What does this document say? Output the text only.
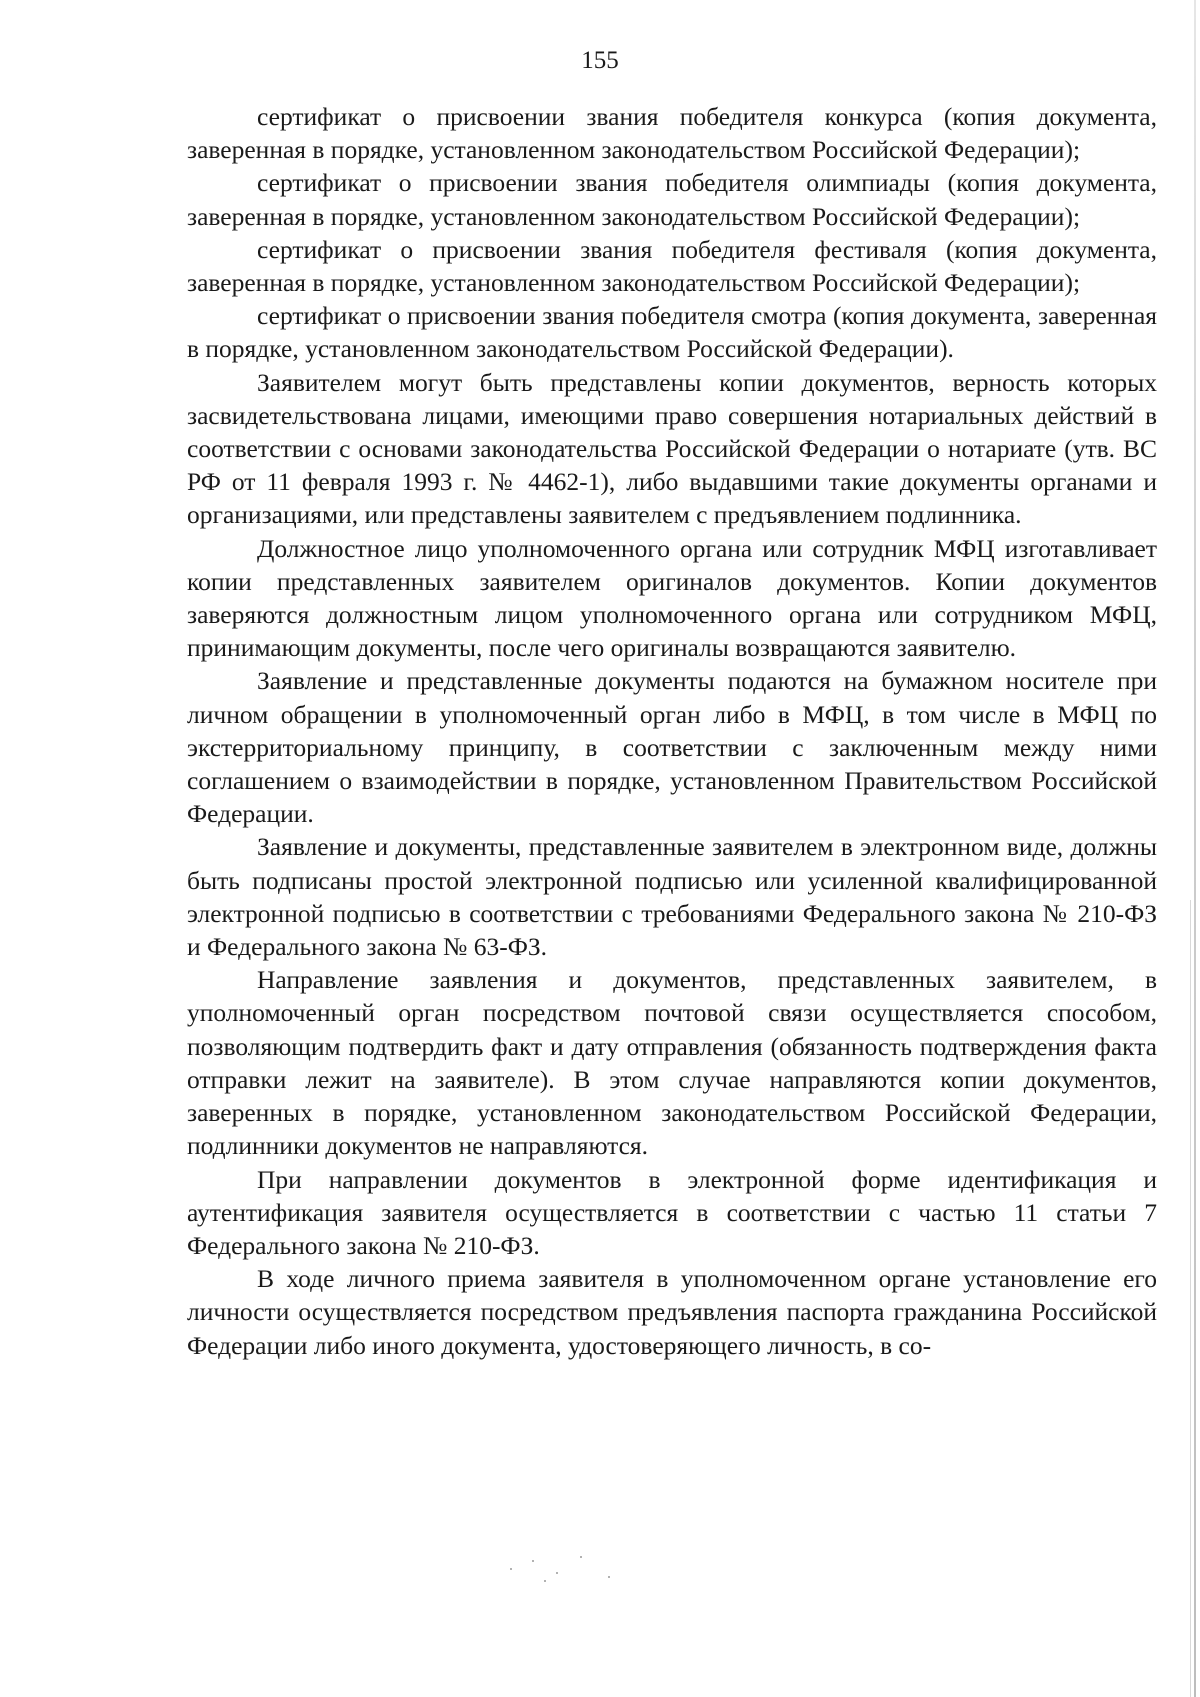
155

сертификат о присвоении звания победителя конкурса (копия документа, заверенная в порядке, установленном законодательством Российской Федерации);

сертификат о присвоении звания победителя олимпиады (копия документа, заверенная в порядке, установленном законодательством Российской Федерации);

сертификат о присвоении звания победителя фестиваля (копия документа, заверенная в порядке, установленном законодательством Российской Федерации);

сертификат о присвоении звания победителя смотра (копия документа, заверенная в порядке, установленном законодательством Российской Федерации).

Заявителем могут быть представлены копии документов, верность которых засвидетельствована лицами, имеющими право совершения нотариальных действий в соответствии с основами законодательства Российской Федерации о нотариате (утв. ВС РФ от 11 февраля 1993 г. № 4462-1), либо выдавшими такие документы органами и организациями, или представлены заявителем с предъявлением подлинника.

Должностное лицо уполномоченного органа или сотрудник МФЦ изготавливает копии представленных заявителем оригиналов документов. Копии документов заверяются должностным лицом уполномоченного органа или сотрудником МФЦ, принимающим документы, после чего оригиналы возвращаются заявителю.

Заявление и представленные документы подаются на бумажном носителе при личном обращении в уполномоченный орган либо в МФЦ, в том числе в МФЦ по экстерриториальному принципу, в соответствии с заключенным между ними соглашением о взаимодействии в порядке, установленном Правительством Российской Федерации.

Заявление и документы, представленные заявителем в электронном виде, должны быть подписаны простой электронной подписью или усиленной квалифицированной электронной подписью в соответствии с требованиями Федерального закона № 210-ФЗ и Федерального закона № 63-ФЗ.

Направление заявления и документов, представленных заявителем, в уполномоченный орган посредством почтовой связи осуществляется способом, позволяющим подтвердить факт и дату отправления (обязанность подтверждения факта отправки лежит на заявителе). В этом случае направляются копии документов, заверенных в порядке, установленном законодательством Российской Федерации, подлинники документов не направляются.

При направлении документов в электронной форме идентификация и аутентификация заявителя осуществляется в соответствии с частью 11 статьи 7 Федерального закона № 210-ФЗ.

В ходе личного приема заявителя в уполномоченном органе установление его личности осуществляется посредством предъявления паспорта гражданина Российской Федерации либо иного документа, удостоверяющего личность, в со-
